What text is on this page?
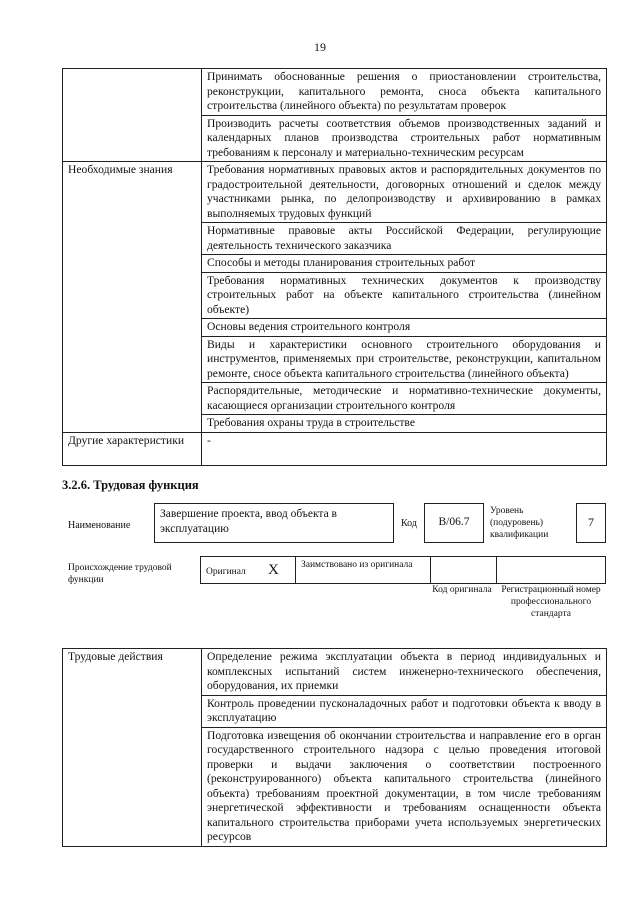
19
	Принимать обоснованные решения о приостановлении строительства, реконструкции, капитального ремонта, сноса объекта капитального строительства (линейного объекта) по результатам проверок
	Производить расчеты соответствия объемов производственных заданий и календарных планов производства строительных работ нормативным требованиям к персоналу и материально-техническим ресурсам
Необходимые знания	Требования нормативных правовых актов и распорядительных документов по градостроительной деятельности, договорных отношений и сделок между участниками рынка, по делопроизводству и архивированию в рамках выполняемых трудовых функций
	Нормативные правовые акты Российской Федерации, регулирующие деятельность технического заказчика
	Способы и методы планирования строительных работ
	Требования нормативных технических документов к производству строительных работ на объекте капитального строительства (линейном объекте)
	Основы ведения строительного контроля
	Виды и характеристики основного строительного оборудования и инструментов, применяемых при строительстве, реконструкции, капитальном ремонте, сносе объекта капитального строительства (линейного объекта)
	Распорядительные, методические и нормативно-технические документы, касающиеся организации строительного контроля
	Требования охраны труда в строительстве
Другие характеристики	-
3.2.6. Трудовая функция
Наименование
Завершение проекта, ввод объекта в эксплуатацию	Код	B/06.7
Уровень (подуровень) квалификации
7
Происхождение трудовой функции
Оригинал X Заимствовано из оригинала
Код оригинала	Регистрационный номер профессионального стандарта
Трудовые действия	Определение режима эксплуатации объекта в период индивидуальных и комплексных испытаний систем инженерно-технического обеспечения, оборудования, их приемки
Контроль проведении пусконаладочных работ и подготовки объекта к вводу в эксплуатацию
Подготовка извещения об окончании строительства и направление его в орган государственного строительного надзора с целью проведения итоговой проверки и выдачи заключения о соответствии построенного (реконструированного) объекта капитального строительства (линейного объекта) требованиям проектной документации, в том числе требованиям энергетической эффективности и требованиям оснащенности объекта капитального строительства приборами учета используемых энергетических ресурсов
